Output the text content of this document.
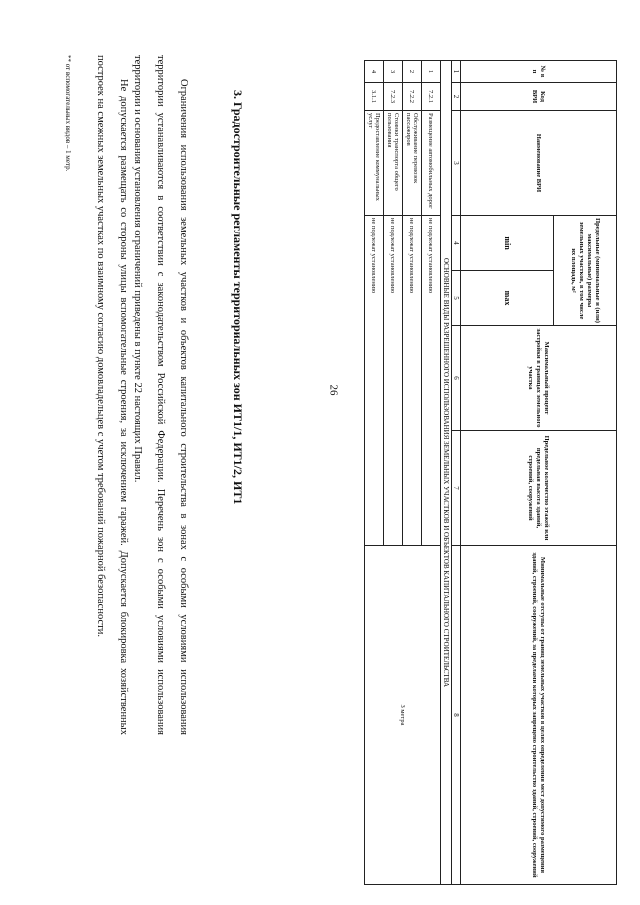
26
** от вспомогательных видов – 1 метр.	Не допускается размещать со стороны улицы вспомогательные строения, за исключением гаражей. Допускается блокировка хозяйственных построек на смежных земельных участках по взаимному согласию домовладельцев с учетом требований пожарной безопасности.	Ограничения использования земельных участков и объектов капитального строительства в зонах с особыми условиями использования территории устанавливаются в соответствии с законодательством Российской Федерации. Перечень зон с особыми условиями использования территории и основания установления ограничений приведены в пункте 22 настоящих Правил.	3. Градостроительные регламенты территориальных зон ИТ1/1, ИТ1/2, ИТ1
№ в п	Код ВРИ	Наименование ВРИ	Предельные (минимальные и (или) максимальные) размеры земельных участков, в том числе их площадь, м²		Максимальный процент застройки в границах земельного участка	Предельное количество этажей или предельная высота зданий, строений, сооружений	Минимальные отступы от границ земельных участков в целях определения мест допустимого размещения зданий, строений, сооружений, за пределами которых запрещено строительство зданий, строений, сооружений
			min	max			
1	2	3	4	5	6	7	8
ОСНОВНЫЕ ВИДЫ РАЗРЕШЕННОГО ИСПОЛЬЗОВАНИЯ ЗЕМЕЛЬНЫХ УЧАСТКОВ И ОБЪЕКТОВ КАПИТАЛЬНОГО СТРОИТЕЛЬСТВА							
1	7.2.1	Размещение автомобильных дорог	не подлежат установлению				3 метра
2	7.2.2	Обслуживание перевозок пассажиров	не подлежат установлению				
3	7.2.3	Стоянки транспорта общего пользования	не подлежат установлению				
4	3.1.1	Предоставление коммунальных услуг	не подлежат установлению				
